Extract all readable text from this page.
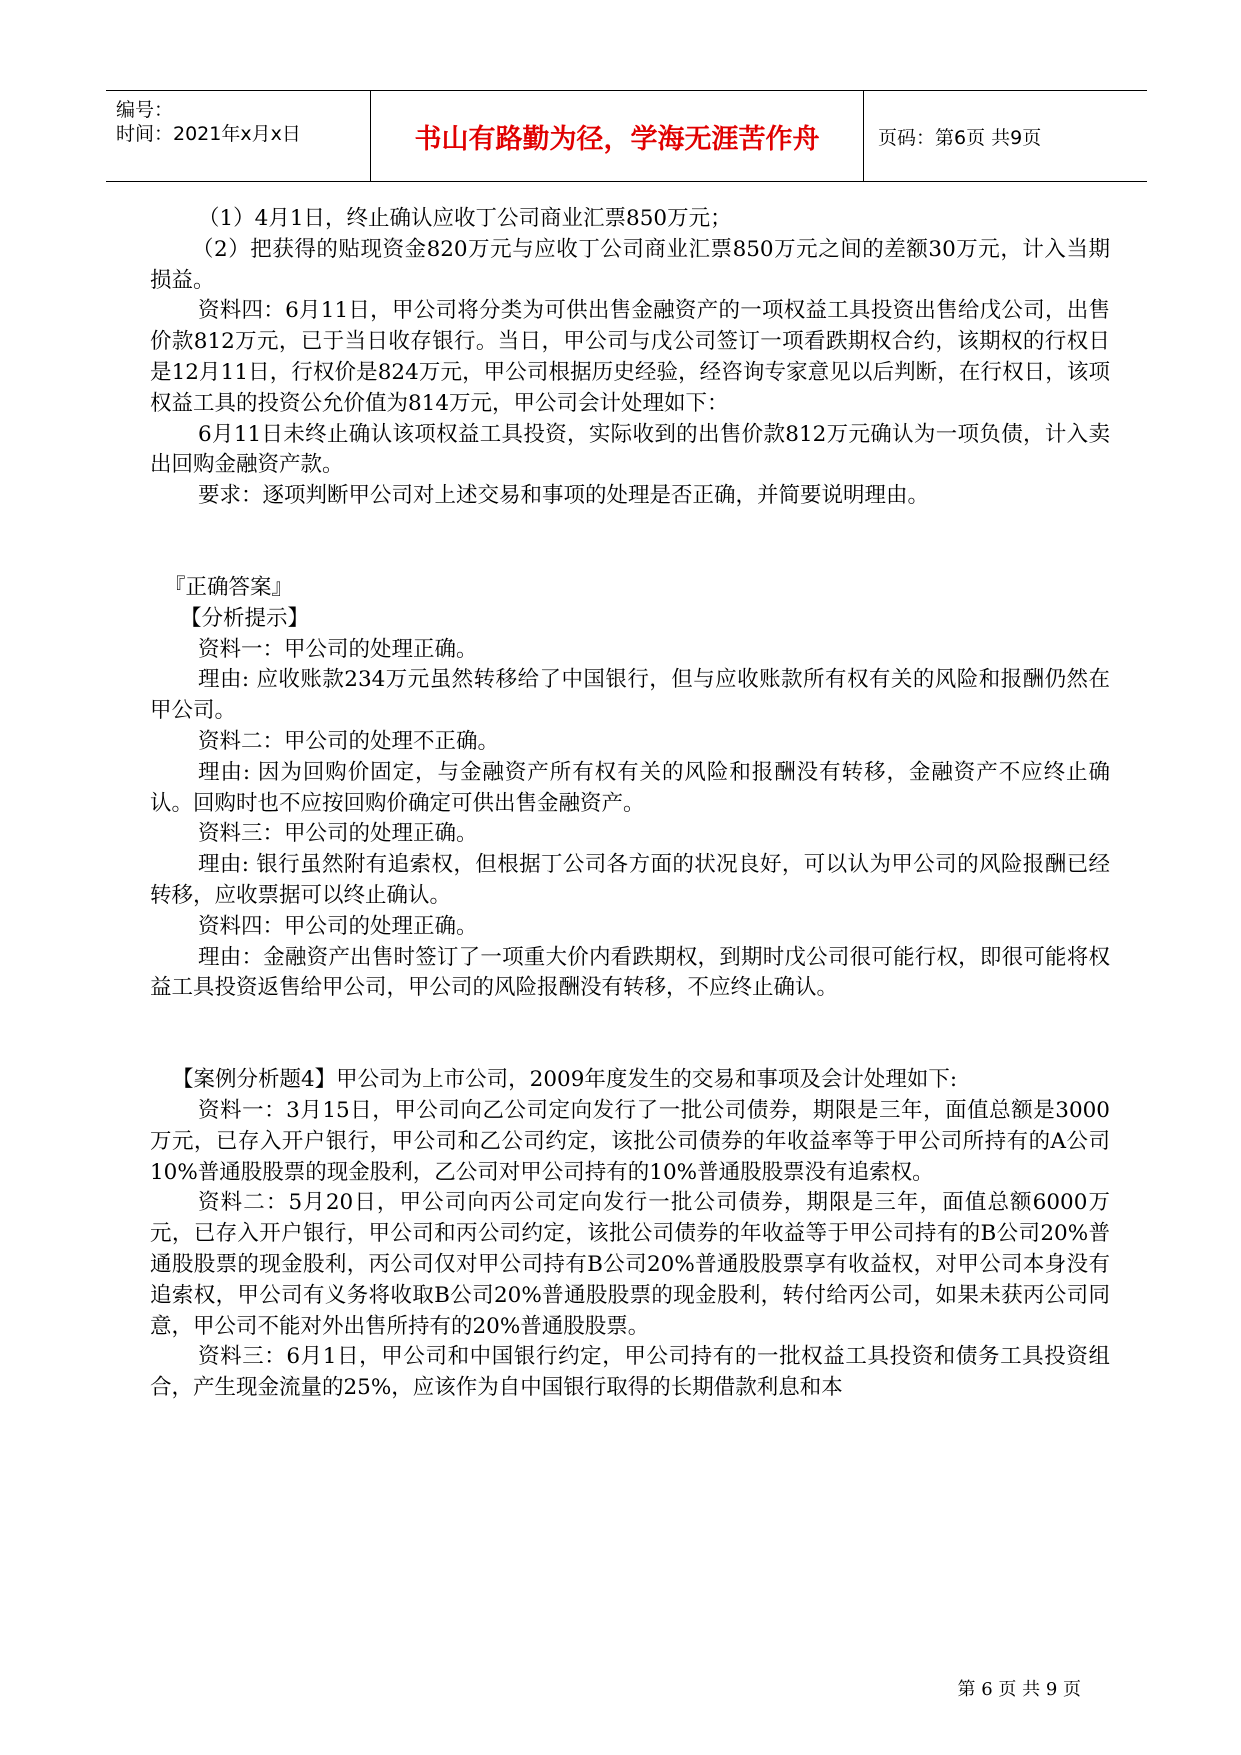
编号：
时间：2021年x月x日	书山有路勤为径，学海无涯苦作舟	页码：第6页 共9页

（1）4月1日，终止确认应收丁公司商业汇票850万元；

（2）把获得的贴现资金820万元与应收丁公司商业汇票850万元之间的差额30万元，计入当期损益。

资料四：6月11日，甲公司将分类为可供出售金融资产的一项权益工具投资出售给戊公司，出售价款812万元，已于当日收存银行。当日，甲公司与戊公司签订一项看跌期权合约，该期权的行权日是12月11日，行权价是824万元，甲公司根据历史经验，经咨询专家意见以后判断，在行权日，该项权益工具的投资公允价值为814万元，甲公司会计处理如下：

6月11日未终止确认该项权益工具投资，实际收到的出售价款812万元确认为一项负债，计入卖出回购金融资产款。

要求：逐项判断甲公司对上述交易和事项的处理是否正确，并简要说明理由。

『正确答案』

【分析提示】

资料一：甲公司的处理正确。

理由: 应收账款234万元虽然转移给了中国银行，但与应收账款所有权有关的风险和报酬仍然在甲公司。

资料二：甲公司的处理不正确。

理由: 因为回购价固定，与金融资产所有权有关的风险和报酬没有转移，金融资产不应终止确认。回购时也不应按回购价确定可供出售金融资产。

资料三：甲公司的处理正确。

理由: 银行虽然附有追索权，但根据丁公司各方面的状况良好，可以认为甲公司的风险报酬已经转移，应收票据可以终止确认。

资料四：甲公司的处理正确。

理由：金融资产出售时签订了一项重大价内看跌期权，到期时戊公司很可能行权，即很可能将权益工具投资返售给甲公司，甲公司的风险报酬没有转移，不应终止确认。

【案例分析题4】甲公司为上市公司，2009年度发生的交易和事项及会计处理如下:

资料一：3月15日，甲公司向乙公司定向发行了一批公司债券，期限是三年，面值总额是3000万元，已存入开户银行，甲公司和乙公司约定，该批公司债券的年收益率等于甲公司所持有的A公司10%普通股股票的现金股利，乙公司对甲公司持有的10%普通股股票没有追索权。

资料二：5月20日，甲公司向丙公司定向发行一批公司债券，期限是三年，面值总额6000万元，已存入开户银行，甲公司和丙公司约定，该批公司债券的年收益等于甲公司持有的B公司20%普通股股票的现金股利，丙公司仅对甲公司持有B公司20%普通股股票享有收益权，对甲公司本身没有追索权，甲公司有义务将收取B公司20%普通股股票的现金股利，转付给丙公司，如果未获丙公司同意，甲公司不能对外出售所持有的20%普通股股票。

资料三：6月1日，甲公司和中国银行约定，甲公司持有的一批权益工具投资和债务工具投资组合，产生现金流量的25%，应该作为自中国银行取得的长期借款利息和本

第 6 页 共 9 页
